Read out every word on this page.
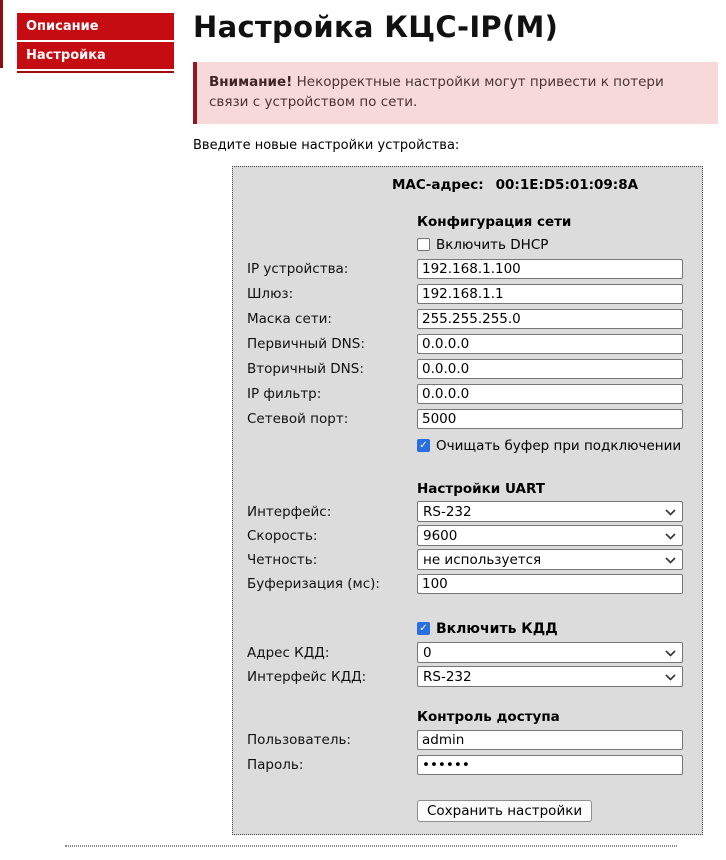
Описание
Настройка
Настройка КЦС-IP(M)
Внимание! Некорректные настройки могут привести к потери связи с устройством по сети.
Введите новые настройки устройства:
МАС-адрес: 00:1E:D5:01:09:8A
Конфигурация сети
Включить DHCP
IP устройства:
192.168.1.100
Шлюз:
192.168.1.1
Маска сети:
255.255.255.0
Первичный DNS:
0.0.0.0
Вторичный DNS:
0.0.0.0
IP фильтр:
0.0.0.0
Сетевой порт:
5000
✓
Очищать буфер при подключении
Настройки UART
Интерфейс:	RS-232
Скорость:	9600
Четность:	не используется
Буферизация (мс):
100
✓
Включить КДД
Адрес КДД:	0
Интерфейс КДД:	RS-232
Контроль доступа
Пользователь:
admin
Пароль:
••••••
Сохранить настройки
